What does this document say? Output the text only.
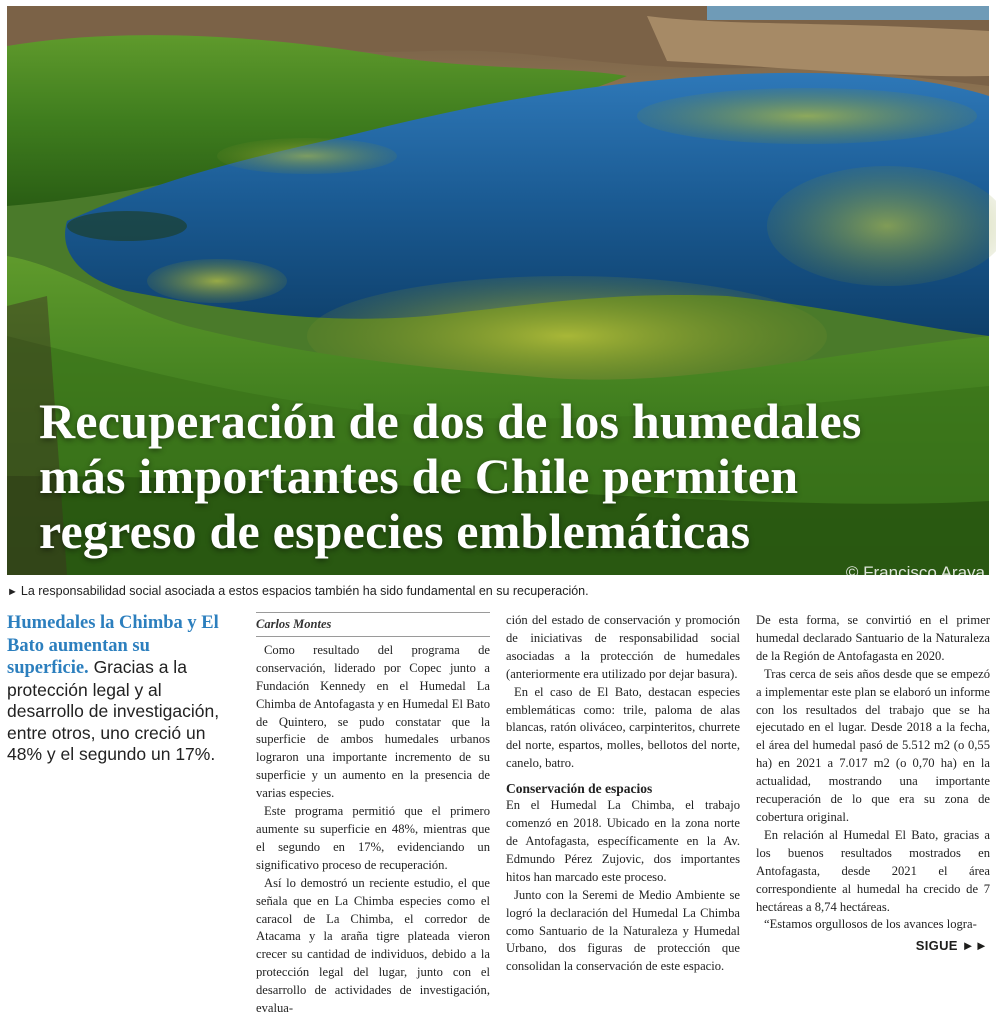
Recuperación de dos de los humedales
más importantes de Chile permiten
regreso de especies emblemáticas
© Francisco Araya
► La responsabilidad social asociada a estos espacios también ha sido fundamental en su recuperación.
Humedales la Chimba y El Bato aumentan su superficie. Gracias a la protección legal y al desarrollo de investigación, entre otros, uno creció un 48% y el segundo un 17%.
Carlos Montes

Como resultado del programa de conservación, liderado por Copec junto a Fundación Kennedy en el Humedal La Chimba de Antofagasta y en Humedal El Bato de Quintero, se pudo constatar que la superficie de ambos humedales urbanos lograron una importante incremento de su superficie y un aumento en la presencia de varias especies.

Este programa permitió que el primero aumente su superficie en 48%, mientras que el segundo en 17%, evidenciando un significativo proceso de recuperación.

Así lo demostró un reciente estudio, el que señala que en La Chimba especies como el caracol de La Chimba, el corredor de Atacama y la araña tigre plateada vieron crecer su cantidad de individuos, debido a la protección legal del lugar, junto con el desarrollo de actividades de investigación, evalua-

ción del estado de conservación y promoción de iniciativas de responsabilidad social asociadas a la protección de humedales (anteriormente era utilizado por dejar basura).

En el caso de El Bato, destacan especies emblemáticas como: trile, paloma de alas blancas, ratón oliváceo, carpinteritos, churrete del norte, espartos, molles, bellotos del norte, canelo, batro.

Conservación de espacios

En el Humedal La Chimba, el trabajo comenzó en 2018. Ubicado en la zona norte de Antofagasta, específicamente en la Av. Edmundo Pérez Zujovic, dos importantes hitos han marcado este proceso.

Junto con la Seremi de Medio Ambiente se logró la declaración del Humedal La Chimba como Santuario de la Naturaleza y Humedal Urbano, dos figuras de protección que consolidan la conservación de este espacio.

De esta forma, se convirtió en el primer humedal declarado Santuario de la Naturaleza de la Región de Antofagasta en 2020.

Tras cerca de seis años desde que se empezó a implementar este plan se elaboró un informe con los resultados del trabajo que se ha ejecutado en el lugar. Desde 2018 a la fecha, el área del humedal pasó de 5.512 m2 (o 0,55 ha) en 2021 a 7.017 m2 (o 0,70 ha) en la actualidad, mostrando una importante recuperación de lo que era su zona de cobertura original.

En relación al Humedal El Bato, gracias a los buenos resultados mostrados en Antofagasta, desde 2021 el área correspondiente al humedal ha crecido de 7 hectáreas a 8,74 hectáreas.

“Estamos orgullosos de los avances logra-

SIGUE ►►
